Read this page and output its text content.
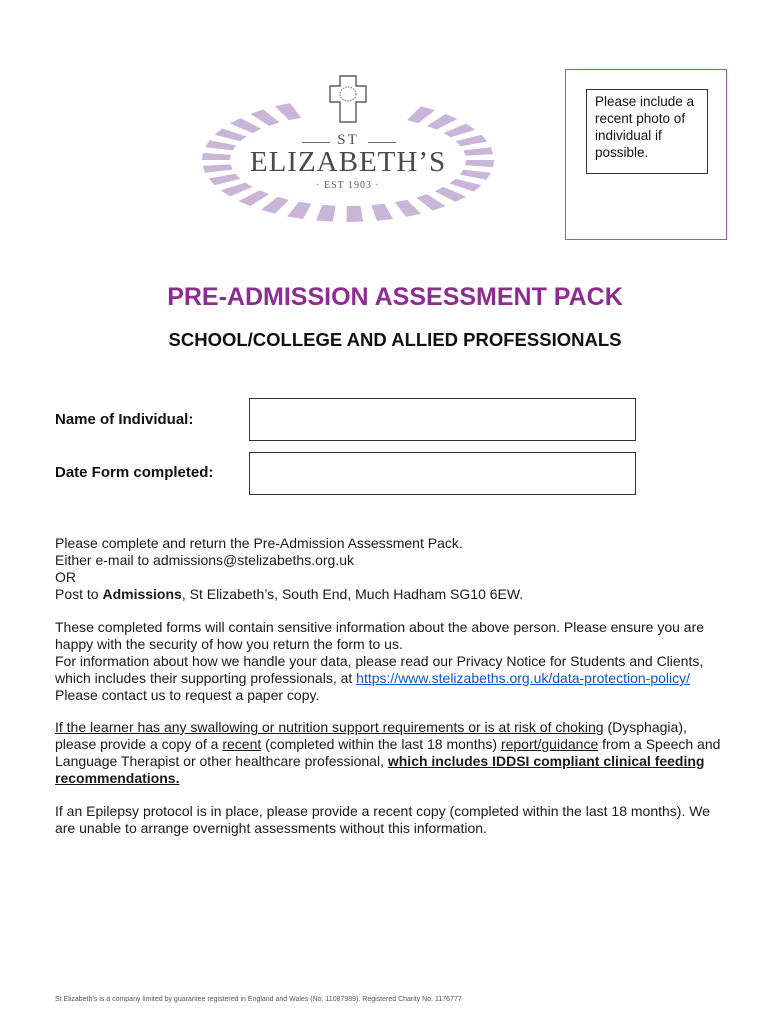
ST
ELIZABETH’S
· EST 1903 ·
Please include a recent photo of individual if possible.
PRE-ADMISSION ASSESSMENT PACK
SCHOOL/COLLEGE AND ALLIED PROFESSIONALS
Name of Individual:
Date Form completed:

Please complete and return the Pre-Admission Assessment Pack.

Either e-mail to admissions@stelizabeths.org.uk

OR

Post to Admissions, St Elizabeth’s, South End, Much Hadham SG10 6EW.

These completed forms will contain sensitive information about the above person. Please ensure you are happy with the security of how you return the form to us.

For information about how we handle your data, please read our Privacy Notice for Students and Clients, which includes their supporting professionals, at https://www.stelizabeths.org.uk/data-protection-policy/ Please contact us to request a paper copy.

If the learner has any swallowing or nutrition support requirements or is at risk of choking (Dysphagia), please provide a copy of a recent (completed within the last 18 months) report/guidance from a Speech and Language Therapist or other healthcare professional, which includes IDDSI compliant clinical feeding recommendations.

If an Epilepsy protocol is in place, please provide a recent copy (completed within the last 18 months). We are unable to arrange overnight assessments without this information.

St Elizabeth’s is a company limited by guarantee registered in England and Wales (No. 11087989). Registered Charity No. 1176777
